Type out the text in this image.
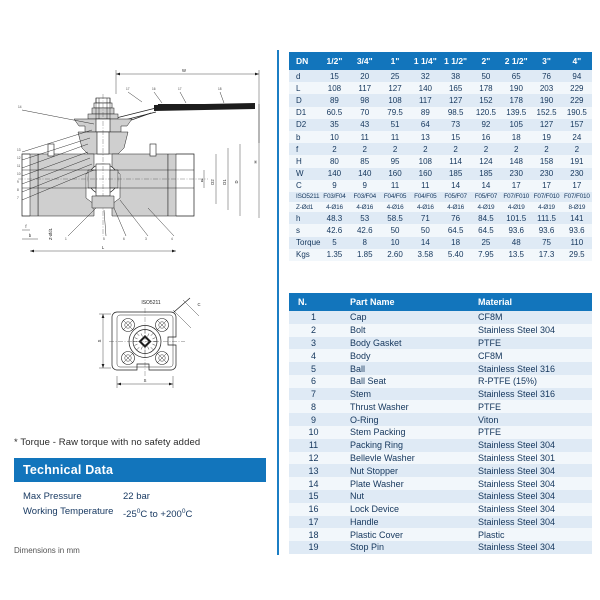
W
d D2 D1 D
H
f
b
L
Z-Ød1
17	16	17	18
14
13
12
11
10
9
8
7
1	5	6	3	4
ISO5211
S
S
C
* Torque - Raw torque with no safety added
Technical Data
Max Pressure	22 bar
Working Temperature	$-25^0C$ to $+200^0C$
Dimensions in mm
DN	1/2"	3/4"	1"	1 1/4"	1 1/2"	2"	2 1/2"	3"	4"
d	15	20	25	32	38	50	65	76	94
L	108	117	127	140	165	178	190	203	229
D	89	98	108	117	127	152	178	190	229
D1	60.5	70	79.5	89	98.5	120.5	139.5	152.5	190.5
D2	35	43	51	64	73	92	105	127	157
b	10	11	11	13	15	16	18	19	24
f	2	2	2	2	2	2	2	2	2
H	80	85	95	108	114	124	148	158	191
W	140	140	160	160	185	185	230	230	230
C	9	9	11	11	14	14	17	17	17
ISO5211	F03/F04	F03/F04	F04/F05	F04/F05	F05/F07	F05/F07	F07/F010	F07/F010	F07/F010
Z-Ød1	4-Ø16	4-Ø16	4-Ø16	4-Ø16	4-Ø16	4-Ø19	4-Ø19	4-Ø19	8-Ø19
h	48.3	53	58.5	71	76	84.5	101.5	111.5	141
s	42.6	42.6	50	50	64.5	64.5	93.6	93.6	93.6
Torque	5	8	10	14	18	25	48	75	110
Kgs	1.35	1.85	2.60	3.58	5.40	7.95	13.5	17.3	29.5
N.	Part Name	Material
1	Cap	CF8M
2	Bolt	Stainless Steel 304
3	Body Gasket	PTFE
4	Body	CF8M
5	Ball	Stainless Steel 316
6	Ball Seat	R-PTFE (15%)
7	Stem	Stainless Steel 316
8	Thrust Washer	PTFE
9	O-Ring	Viton
10	Stem Packing	PTFE
11	Packing Ring	Stainless Steel 304
12	Bellevle Washer	Stainless Steel 301
13	Nut Stopper	Stainless Steel 304
14	Plate Washer	Stainless Steel 304
15	Nut	Stainless Steel 304
16	Lock Device	Stainless Steel 304
17	Handle	Stainless Steel 304
18	Plastic Cover	Plastic
19	Stop Pin	Stainless Steel 304
